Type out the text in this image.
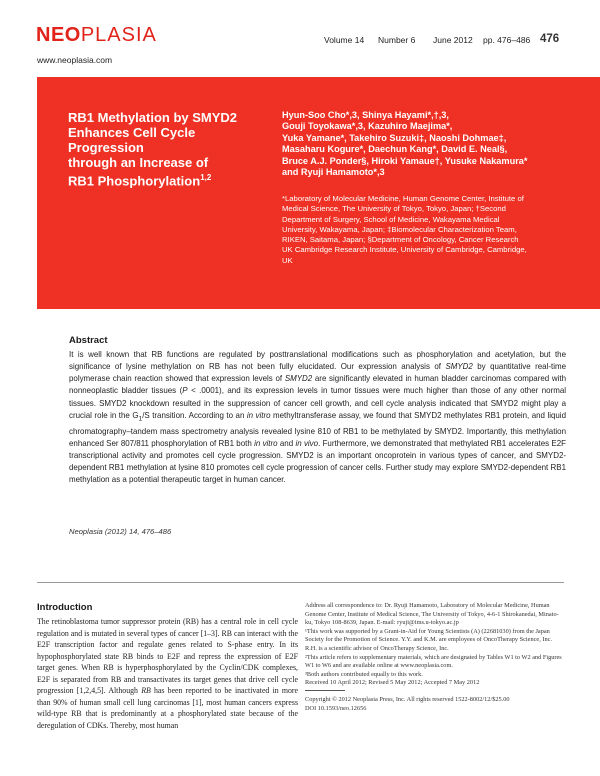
NEOPLASIA
www.neoplasia.com
Volume 14 Number 6 June 2012 pp. 476–486 476
RB1 Methylation by SMYD2
Enhances Cell Cycle Progression
through an Increase of
RB1 Phosphorylation$^{1,2}$
Hyun-Soo Cho*,3, Shinya Hayami*,†,3,
Gouji Toyokawa*,3, Kazuhiro Maejima*,
Yuka Yamane*, Takehiro Suzuki‡, Naoshi Dohmae‡,
Masaharu Kogure*, Daechun Kang*, David E. Neal§,
Bruce A.J. Ponder§, Hiroki Yamaue†, Yusuke Nakamura*
and Ryuji Hamamoto*,3
*Laboratory of Molecular Medicine, Human Genome Center, Institute of Medical Science, The University of Tokyo, Tokyo, Japan; †Second Department of Surgery, School of Medicine, Wakayama Medical University, Wakayama, Japan; ‡Biomolecular Characterization Team, RIKEN, Saitama, Japan; §Department of Oncology, Cancer Research UK Cambridge Research Institute, University of Cambridge, Cambridge, UK
Abstract
It is well known that RB functions are regulated by posttranslational modifications such as phosphorylation and acetylation, but the significance of lysine methylation on RB has not been fully elucidated. Our expression analysis of SMYD2 by quantitative real-time polymerase chain reaction showed that expression levels of SMYD2 are significantly elevated in human bladder carcinomas compared with nonneoplastic bladder tissues (P < .0001), and its expression levels in tumor tissues were much higher than those of any other normal tissues. SMYD2 knockdown resulted in the suppression of cancer cell growth, and cell cycle analysis indicated that SMYD2 might play a crucial role in the $G_1/S$ transition. According to an in vitro methyltransferase assay, we found that SMYD2 methylates RB1 protein, and liquid chromatography–tandem mass spectrometry analysis revealed lysine 810 of RB1 to be methylated by SMYD2. Importantly, this methylation enhanced Ser 807/811 phosphorylation of RB1 both in vitro and in vivo. Furthermore, we demonstrated that methylated RB1 accelerates E2F transcriptional activity and promotes cell cycle progression. SMYD2 is an important oncoprotein in various types of cancer, and SMYD2-dependent RB1 methylation at lysine 810 promotes cell cycle progression of cancer cells. Further study may explore SMYD2-dependent RB1 methylation as a potential therapeutic target in human cancer.
Neoplasia (2012) 14, 476–486
Introduction
The retinoblastoma tumor suppressor protein (RB) has a central role in cell cycle regulation and is mutated in several types of cancer [1–3]. RB can interact with the E2F transcription factor and regulate genes related to S-phase entry. In its hypophosphorylated state RB binds to E2F and repress the expression of E2F target genes. When RB is hyperphosphorylated by the Cyclin/CDK complexes, E2F is separated from RB and transactivates its target genes that drive cell cycle progression [1,2,4,5]. Although RB has been reported to be inactivated in more than 90% of human small cell lung carcinomas [1], most human cancers express wild-type RB that is predominantly at a phosphorylated state because of the deregulation of CDKs. Thereby, most human

Address all correspondence to: Dr. Ryuji Hamamoto, Laboratory of Molecular Medicine, Human Genome Center, Institute of Medical Science, The University of Tokyo, 4-6-1 Shirokanedai, Minato-ku, Tokyo 108-8639, Japan. E-mail: ryuji@ims.u-tokyo.ac.jp

¹This work was supported by a Grant-in-Aid for Young Scientists (A) (22681030) from the Japan Society for the Promotion of Science. Y.Y. and K.M. are employees of OncoTherapy Science, Inc. R.H. is a scientific advisor of OncoTherapy Science, Inc.

²This article refers to supplementary materials, which are designated by Tables W1 to W2 and Figures W1 to W6 and are available online at www.neoplasia.com.

³Both authors contributed equally to this work.

Received 10 April 2012; Revised 5 May 2012; Accepted 7 May 2012

Copyright © 2012 Neoplasia Press, Inc. All rights reserved 1522-8002/12/$25.00

DOI 10.1593/neo.12656
